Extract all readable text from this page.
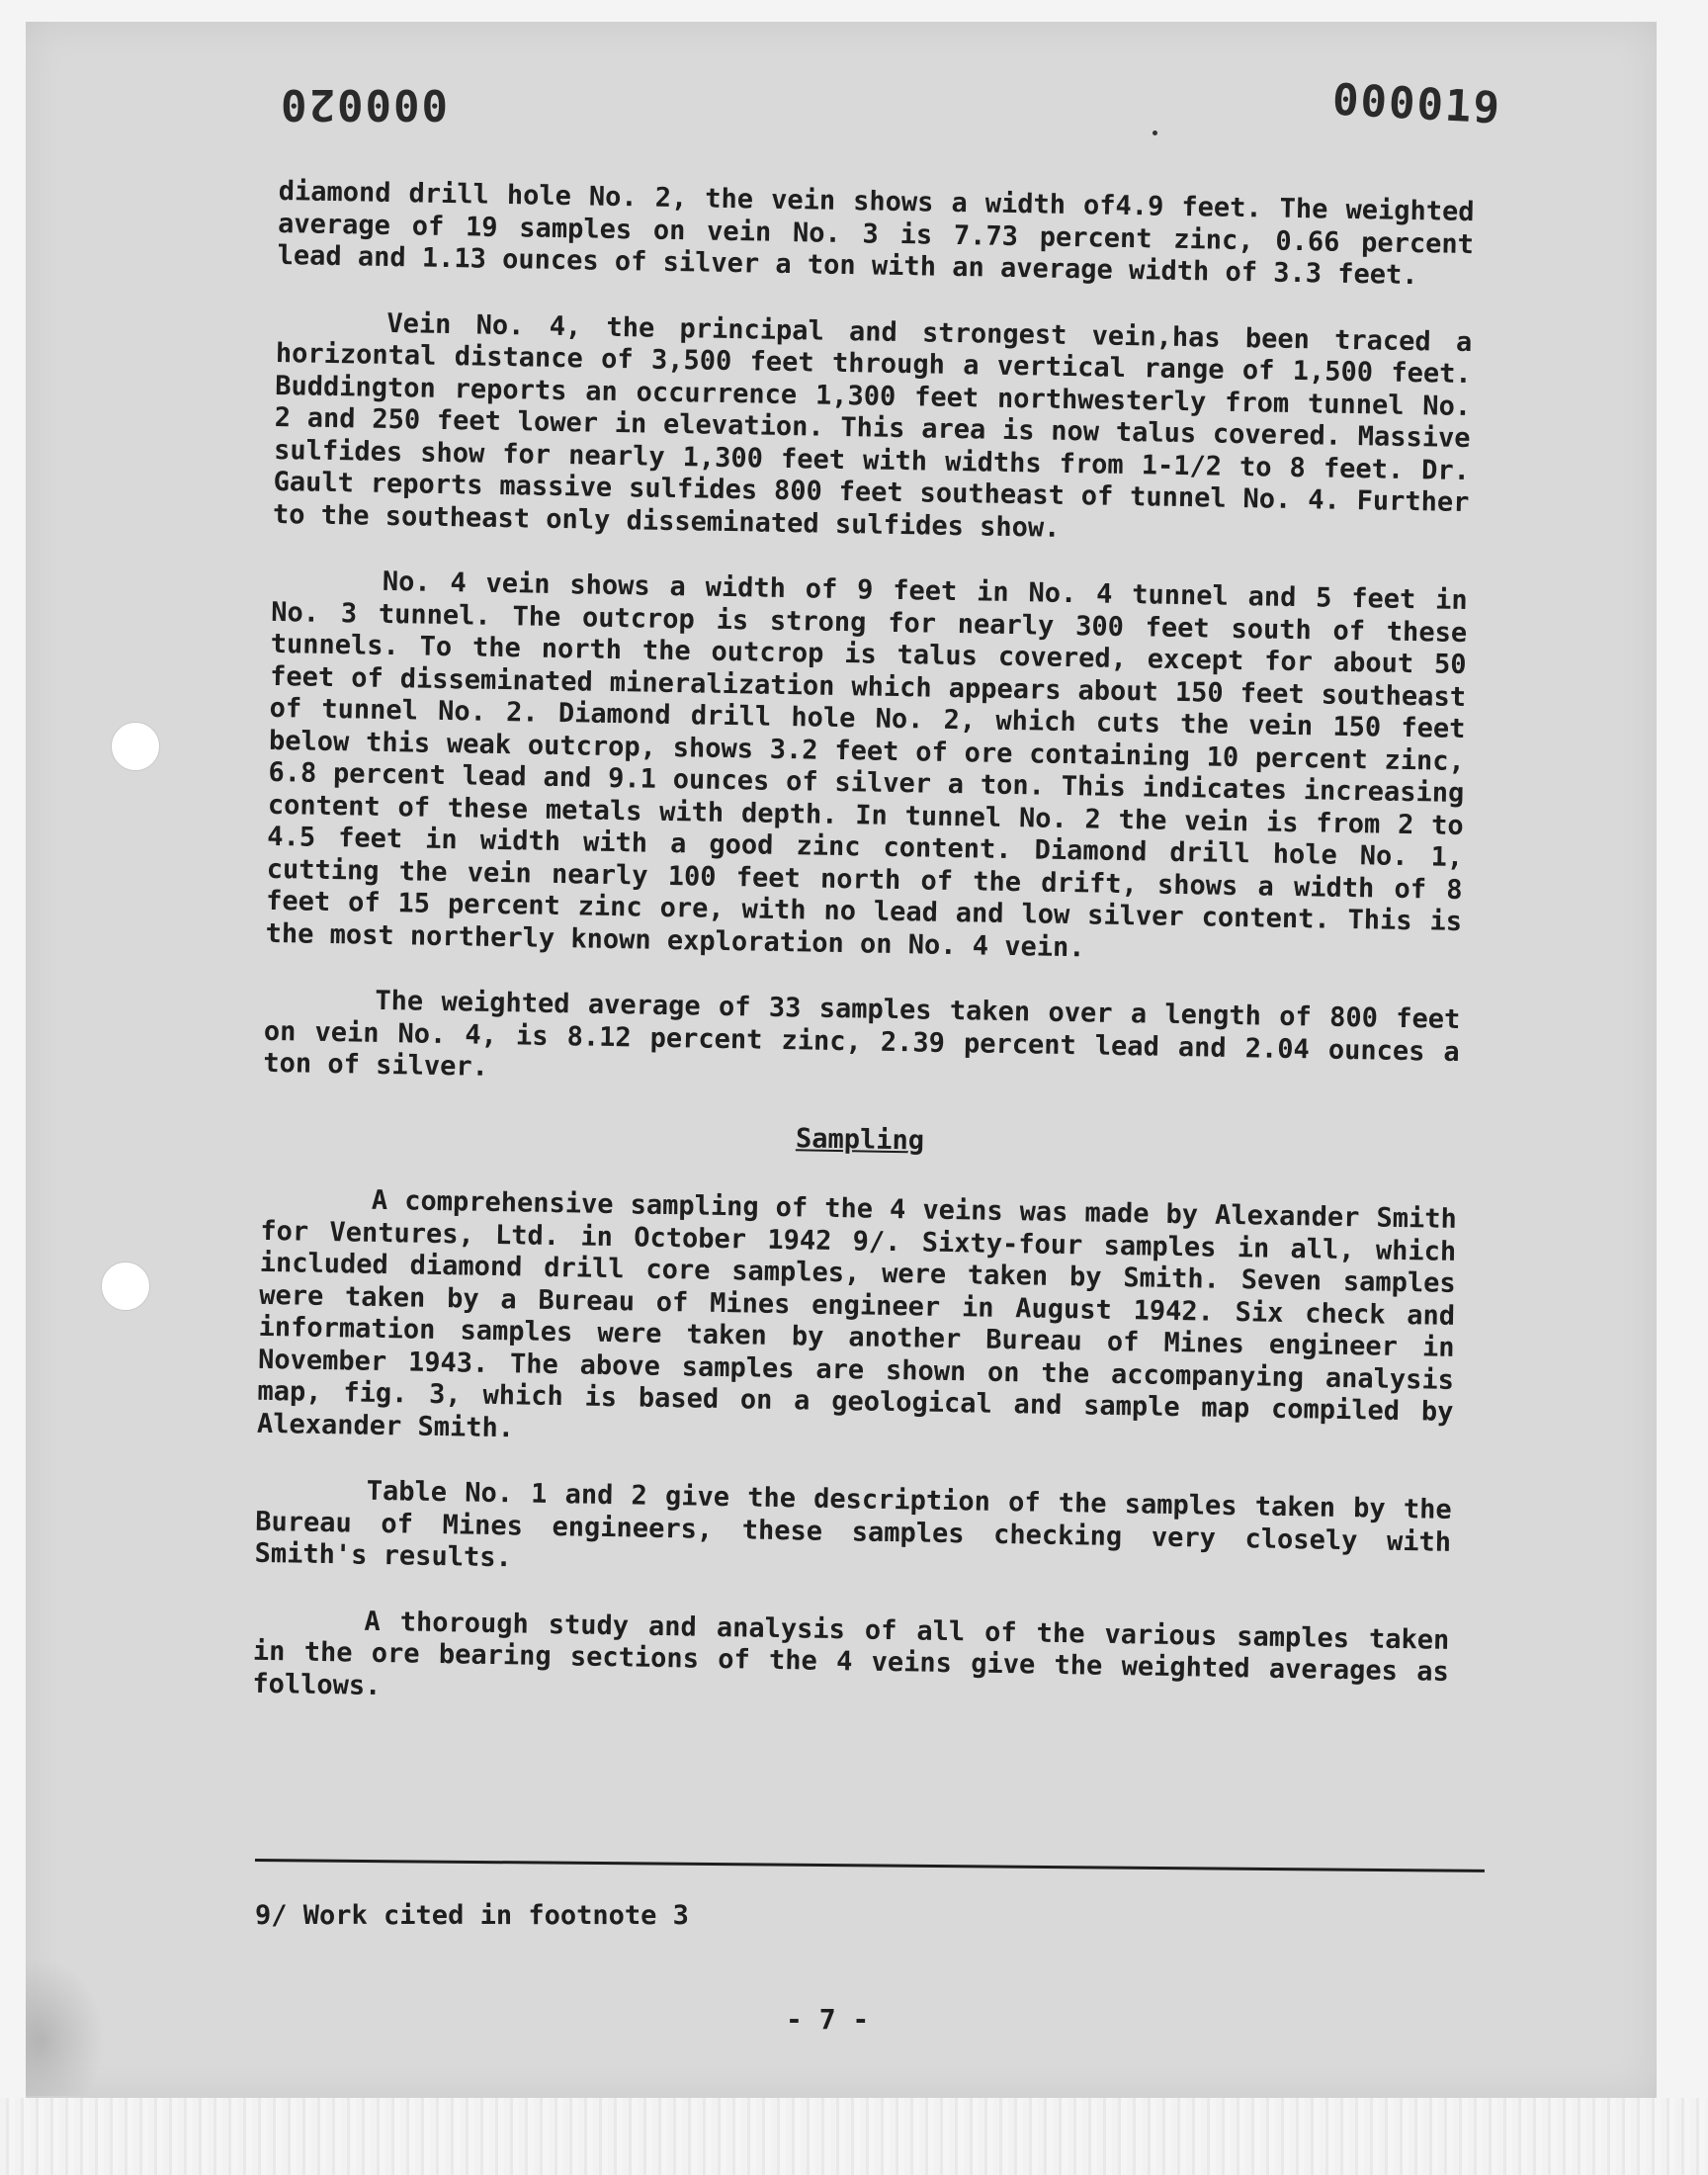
000020	000019

diamond drill hole No. 2, the vein shows a width of4.9 feet. The weighted average of 19 samples on vein No. 3 is 7.73 percent zinc, 0.66 percent lead and 1.13 ounces of silver a ton with an average width of 3.3 feet.

Vein No. 4, the principal and strongest vein,has been traced a horizontal distance of 3,500 feet through a vertical range of 1,500 feet. Buddington reports an occurrence 1,300 feet northwesterly from tunnel No. 2 and 250 feet lower in elevation. This area is now talus covered. Massive sulfides show for nearly 1,300 feet with widths from 1-1/2 to 8 feet. Dr. Gault reports massive sulfides 800 feet southeast of tunnel No. 4. Further to the southeast only disseminated sulfides show.

No. 4 vein shows a width of 9 feet in No. 4 tunnel and 5 feet in No. 3 tunnel. The outcrop is strong for nearly 300 feet south of these tunnels. To the north the outcrop is talus covered, except for about 50 feet of disseminated mineralization which appears about 150 feet southeast of tunnel No. 2. Diamond drill hole No. 2, which cuts the vein 150 feet below this weak outcrop, shows 3.2 feet of ore containing 10 percent zinc, 6.8 percent lead and 9.1 ounces of silver a ton. This indicates increasing content of these metals with depth. In tunnel No. 2 the vein is from 2 to 4.5 feet in width with a good zinc content. Diamond drill hole No. 1, cutting the vein nearly 100 feet north of the drift, shows a width of 8 feet of 15 percent zinc ore, with no lead and low silver content. This is the most northerly known exploration on No. 4 vein.

The weighted average of 33 samples taken over a length of 800 feet on vein No. 4, is 8.12 percent zinc, 2.39 percent lead and 2.04 ounces a ton of silver.

Sampling

A comprehensive sampling of the 4 veins was made by Alexander Smith for Ventures, Ltd. in October 1942 9/. Sixty-four samples in all, which included diamond drill core samples, were taken by Smith. Seven samples were taken by a Bureau of Mines engineer in August 1942. Six check and information samples were taken by another Bureau of Mines engineer in November 1943. The above samples are shown on the accompanying analysis map, fig. 3, which is based on a geological and sample map compiled by Alexander Smith.

Table No. 1 and 2 give the description of the samples taken by the Bureau of Mines engineers, these samples checking very closely with Smith's results.

A thorough study and analysis of all of the various samples taken in the ore bearing sections of the 4 veins give the weighted averages as follows.

9/ Work cited in footnote 3
- 7 -
